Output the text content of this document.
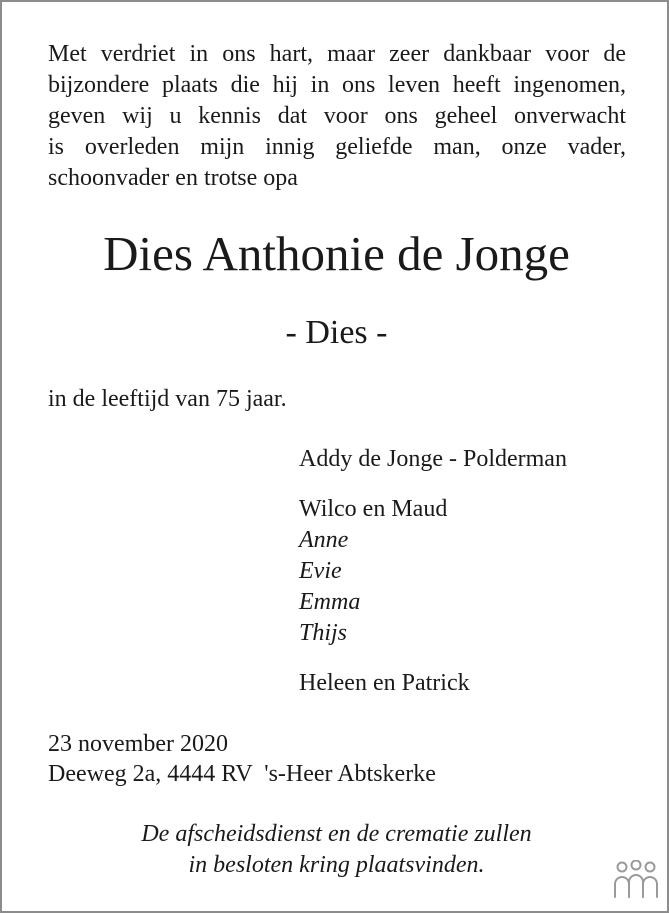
Met verdriet in ons hart, maar zeer dankbaar voor de
bijzondere plaats die hij in ons leven heeft ingenomen,
geven wij u kennis dat voor ons geheel onverwacht
is overleden mijn innig geliefde man, onze vader,
schoonvader en trotse opa
Dies Anthonie de Jonge
- Dies -
in de leeftijd van 75 jaar.
Addy de Jonge - Polderman
Wilco en Maud
Anne
Evie
Emma
Thijs
Heleen en Patrick
23 november 2020
Deeweg 2a, 4444 RV  's-Heer Abtskerke
De afscheidsdienst en de crematie zullen
in besloten kring plaatsvinden.
